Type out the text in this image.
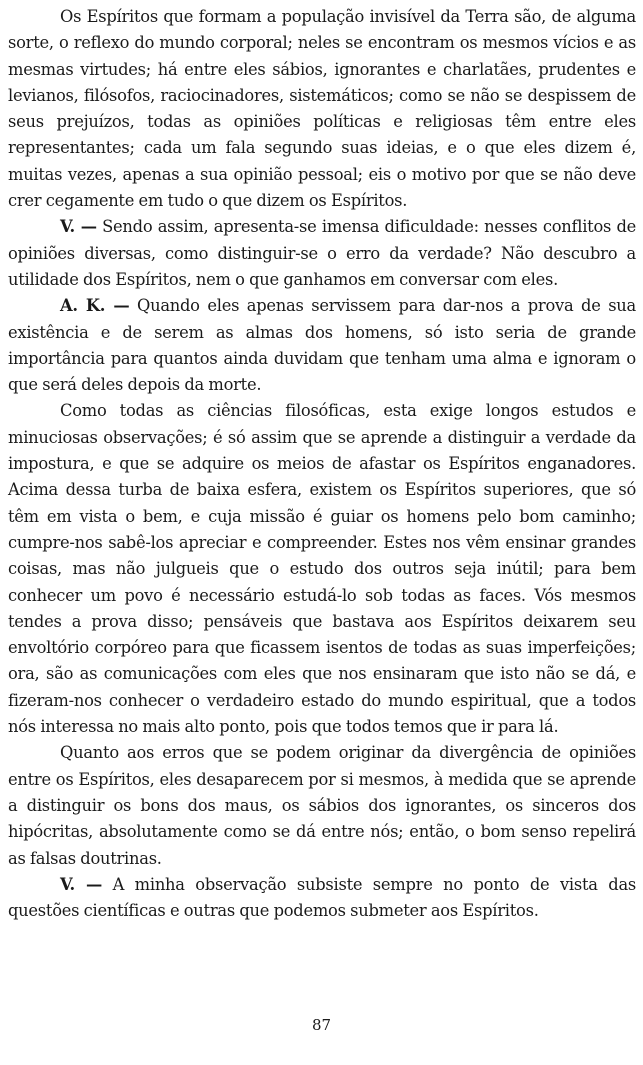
Os Espíritos que formam a população invisível da Terra são, de alguma sorte, o reflexo do mundo corporal; neles se encontram os mesmos vícios e as mesmas virtudes; há entre eles sábios, ignorantes e charlatães, prudentes e levianos, filósofos, raciocinadores, sistemáticos; como se não se despissem de seus prejuízos, todas as opiniões políticas e religiosas têm entre eles representantes; cada um fala segundo suas ideias, e o que eles dizem é, muitas vezes, apenas a sua opinião pessoal; eis o motivo por que se não deve crer cegamente em tudo o que dizem os Espíritos.

V. — Sendo assim, apresenta-se imensa dificuldade: nesses conflitos de opiniões diversas, como distinguir-se o erro da verdade? Não descubro a utilidade dos Espíritos, nem o que ganhamos em conversar com eles.

A. K. — Quando eles apenas servissem para dar-nos a prova de sua existência e de serem as almas dos homens, só isto seria de grande importância para quantos ainda duvidam que tenham uma alma e ignoram o que será deles depois da morte.

Como todas as ciências filosóficas, esta exige longos estudos e minuciosas observações; é só assim que se aprende a distinguir a verdade da impostura, e que se adquire os meios de afastar os Espíritos enganadores. Acima dessa turba de baixa esfera, existem os Espíritos superiores, que só têm em vista o bem, e cuja missão é guiar os homens pelo bom caminho; cumpre-nos sabê-los apreciar e compreender. Estes nos vêm ensinar grandes coisas, mas não julgueis que o estudo dos outros seja inútil; para bem conhecer um povo é necessário estudá-lo sob todas as faces. Vós mesmos tendes a prova disso; pensáveis que bastava aos Espíritos deixarem seu envoltório corpóreo para que ficassem isentos de todas as suas imperfeições; ora, são as comunicações com eles que nos ensinaram que isto não se dá, e fizeram-nos conhecer o verdadeiro estado do mundo espiritual, que a todos nós interessa no mais alto ponto, pois que todos temos que ir para lá.

Quanto aos erros que se podem originar da divergência de opiniões entre os Espíritos, eles desaparecem por si mesmos, à medida que se aprende a distinguir os bons dos maus, os sábios dos ignorantes, os sinceros dos hipócritas, absolutamente como se dá entre nós; então, o bom senso repelirá as falsas doutrinas.

V. — A minha observação subsiste sempre no ponto de vista das questões científicas e outras que podemos submeter aos Espíritos.

87
